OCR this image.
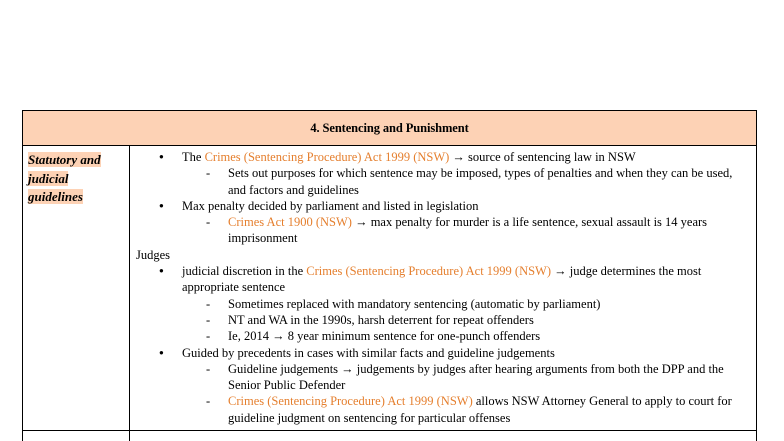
4. Sentencing and Punishment
Statutory and
judicial
guidelines
● The Crimes (Sentencing Procedure) Act 1999 (NSW) → source of sentencing law in NSW
- Sets out purposes for which sentence may be imposed, types of penalties and when they can be used, and factors and guidelines
● Max penalty decided by parliament and listed in legislation
- Crimes Act 1900 (NSW) → max penalty for murder is a life sentence, sexual assault is 14 years imprisonment
Judges
● judicial discretion in the Crimes (Sentencing Procedure) Act 1999 (NSW) → judge determines the most appropriate sentence
- Sometimes replaced with mandatory sentencing (automatic by parliament)
- NT and WA in the 1990s, harsh deterrent for repeat offenders
- Ie, 2014 → 8 year minimum sentence for one-punch offenders
● Guided by precedents in cases with similar facts and guideline judgements
- Guideline judgements → judgements by judges after hearing arguments from both the DPP and the Senior Public Defender
- Crimes (Sentencing Procedure) Act 1999 (NSW) allows NSW Attorney General to apply to court for guideline judgment on sentencing for particular offenses
